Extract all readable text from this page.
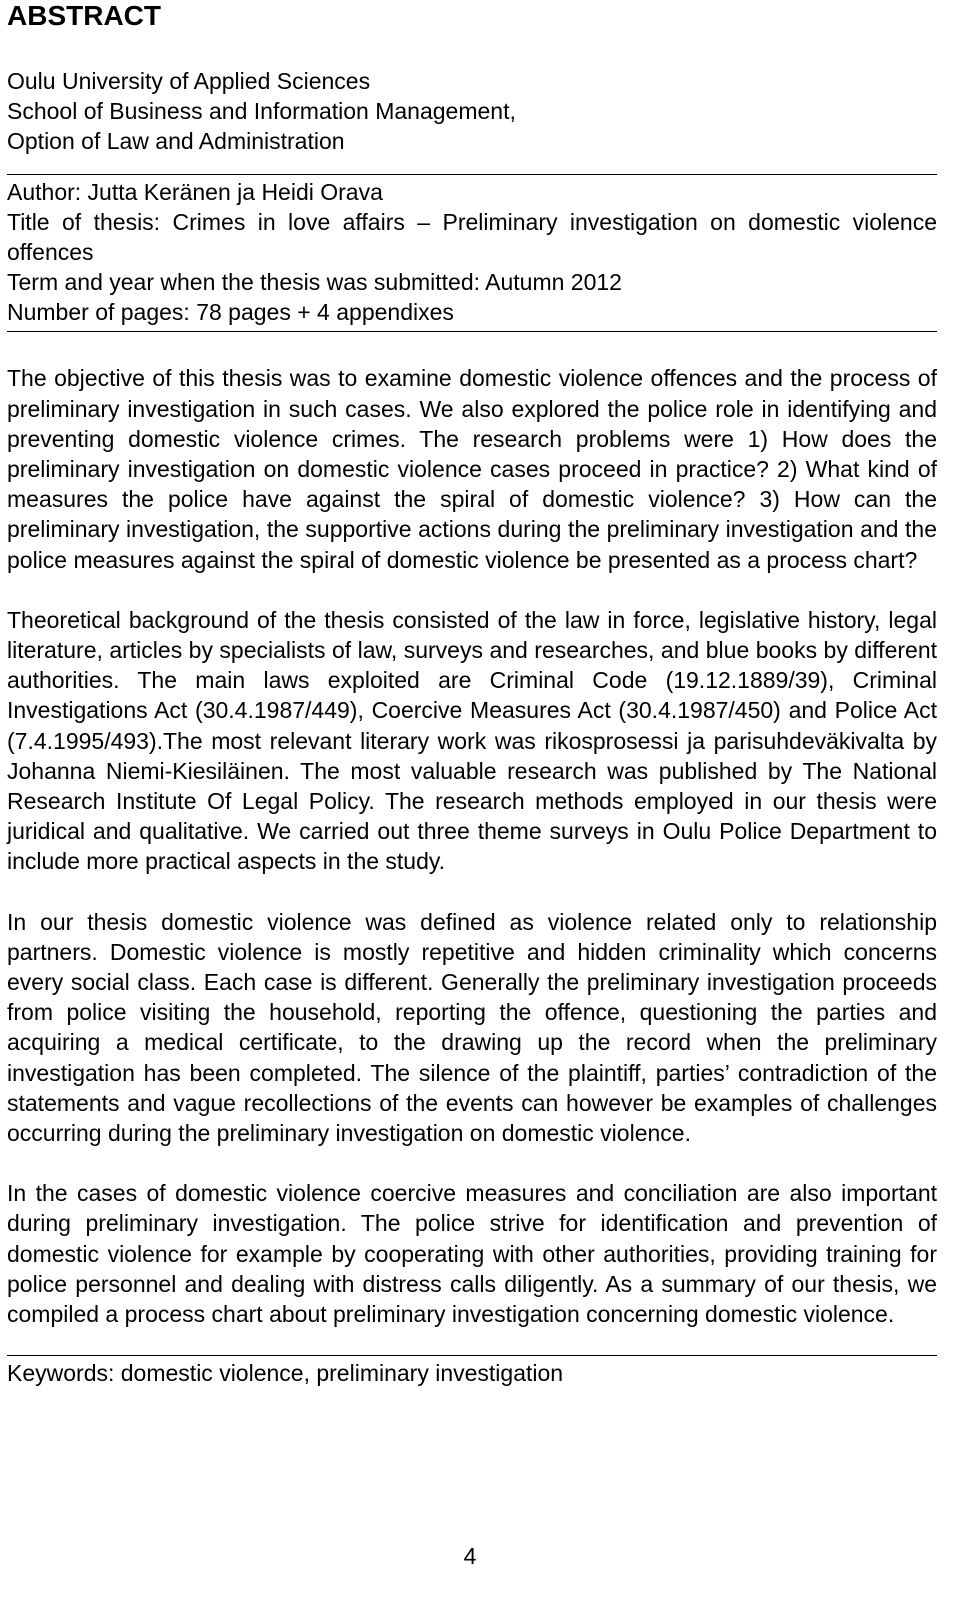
ABSTRACT

Oulu University of Applied Sciences

School of Business and Information Management,

Option of Law and Administration

Author: Jutta Keränen ja Heidi Orava

Title of thesis: Crimes in love affairs ‒ Preliminary investigation on domestic violence offences

Term and year when the thesis was submitted: Autumn 2012

Number of pages: 78 pages + 4 appendixes

The objective of this thesis was to examine domestic violence offences and the process of preliminary investigation in such cases. We also explored the police role in identifying and preventing domestic violence crimes. The research problems were 1) How does the preliminary investigation on domestic violence cases proceed in practice? 2) What kind of measures the police have against the spiral of domestic violence? 3) How can the preliminary investigation, the supportive actions during the preliminary investigation and the police measures against the spiral of domestic violence be presented as a process chart?

Theoretical background of the thesis consisted of the law in force, legislative history, legal literature, articles by specialists of law, surveys and researches, and blue books by different authorities. The main laws exploited are Criminal Code (19.12.1889/39), Criminal Investigations Act (30.4.1987/449), Coercive Measures Act (30.4.1987/450) and Police Act (7.4.1995/493).The most relevant literary work was rikosprosessi ja parisuhdeväkivalta by Johanna Niemi-Kiesiläinen. The most valuable research was published by The National Research Institute Of Legal Policy. The research methods employed in our thesis were juridical and qualitative. We carried out three theme surveys in Oulu Police Department to include more practical aspects in the study.

In our thesis domestic violence was defined as violence related only to relationship partners. Domestic violence is mostly repetitive and hidden criminality which concerns every social class. Each case is different. Generally the preliminary investigation proceeds from police visiting the household, reporting the offence, questioning the parties and acquiring a medical certificate, to the drawing up the record when the preliminary investigation has been completed. The silence of the plaintiff, parties’ contradiction of the statements and vague recollections of the events can however be examples of challenges occurring during the preliminary investigation on domestic violence.

In the cases of domestic violence coercive measures and conciliation are also important during preliminary investigation. The police strive for identification and prevention of domestic violence for example by cooperating with other authorities, providing training for police personnel and dealing with distress calls diligently. As a summary of our thesis, we compiled a process chart about preliminary investigation concerning domestic violence.

Keywords: domestic violence, preliminary investigation

4
